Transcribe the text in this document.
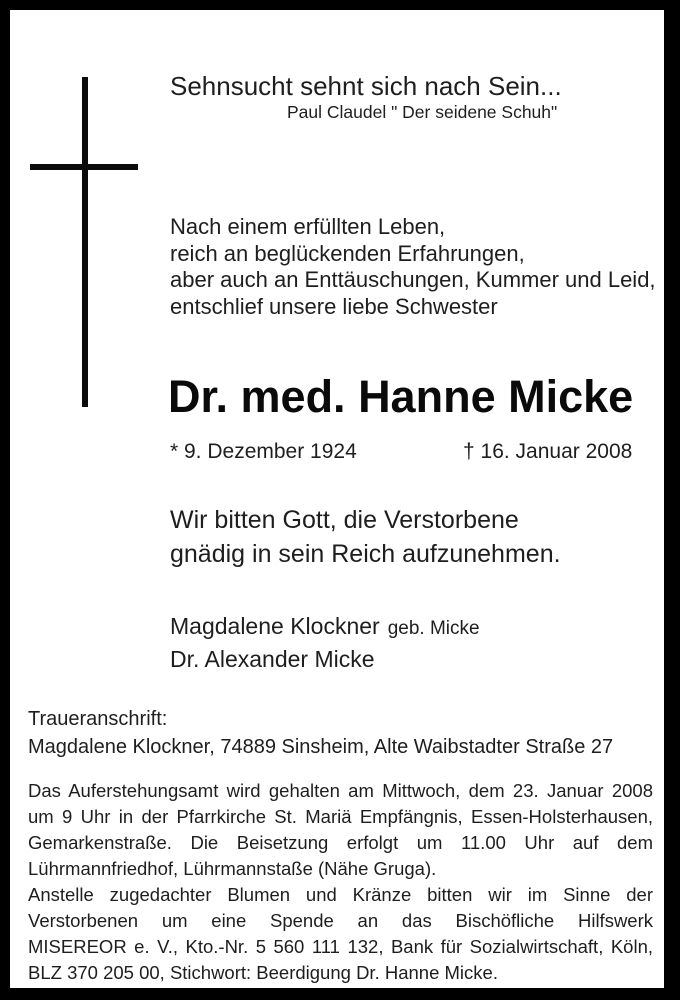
Sehnsucht sehnt sich nach Sein...
Paul Claudel " Der seidene Schuh"
Nach einem erfüllten Leben,
reich an beglückenden Erfahrungen,
aber auch an Enttäuschungen, Kummer und Leid,
entschlief unsere liebe Schwester
Dr. med. Hanne Micke
* 9. Dezember 1924	† 16. Januar 2008
Wir bitten Gott, die Verstorbene
gnädig in sein Reich aufzunehmen.
Magdalene Klockner geb. Micke
Dr. Alexander Micke
Traueranschrift:
Magdalene Klockner, 74889 Sinsheim, Alte Waibstadter Straße 27
Das Auferstehungsamt wird gehalten am Mittwoch, dem 23. Januar 2008
um 9 Uhr in der Pfarrkirche St. Mariä Empfängnis, Essen-Holsterhausen,
Gemarkenstraße. Die Beisetzung erfolgt um 11.00 Uhr auf dem
Lührmannfriedhof, Lührmannstaße (Nähe Gruga).
Anstelle zugedachter Blumen und Kränze bitten wir im Sinne der
Verstorbenen um eine Spende an das Bischöfliche Hilfswerk
MISEREOR e. V., Kto.-Nr. 5 560 111 132, Bank für Sozialwirtschaft, Köln,
BLZ 370 205 00, Stichwort: Beerdigung Dr. Hanne Micke.
